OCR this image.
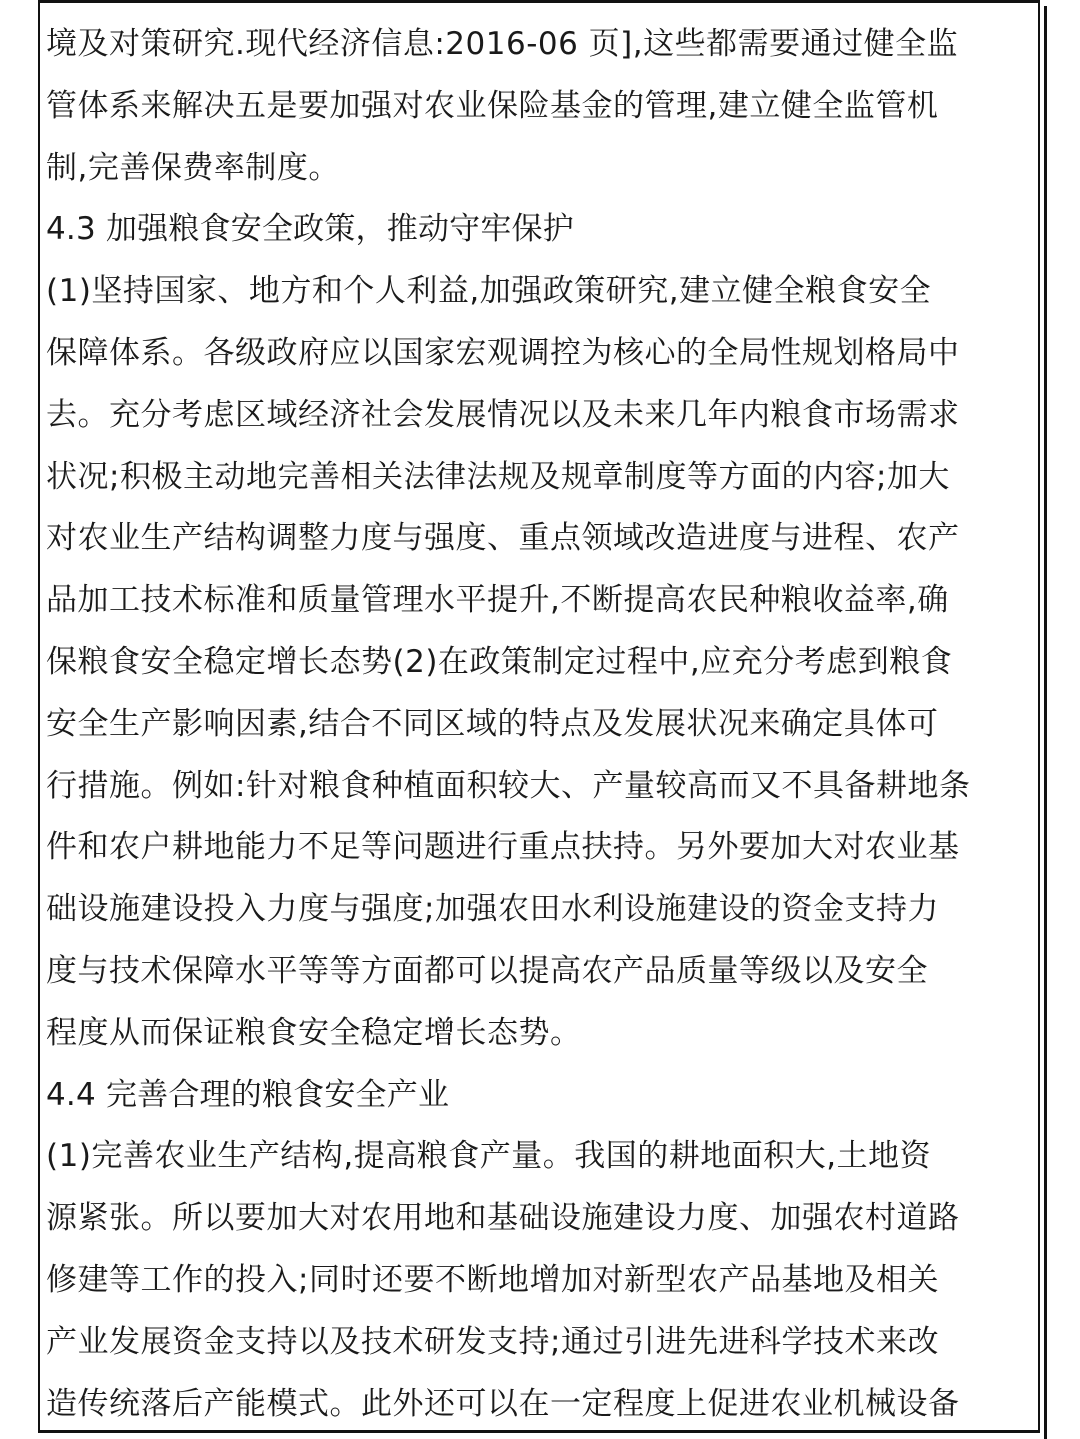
境及对策研究.现代经济信息:2016-06 页],这些都需要通过健全监
管体系来解决五是要加强对农业保险基金的管理,建立健全监管机
制,完善保费率制度。
4.3 加强粮食安全政策，推动守牢保护
(1)坚持国家、地方和个人利益,加强政策研究,建立健全粮食安全
保障体系。各级政府应以国家宏观调控为核心的全局性规划格局中
去。充分考虑区域经济社会发展情况以及未来几年内粮食市场需求
状况;积极主动地完善相关法律法规及规章制度等方面的内容;加大
对农业生产结构调整力度与强度、重点领域改造进度与进程、农产
品加工技术标准和质量管理水平提升,不断提高农民种粮收益率,确
保粮食安全稳定增长态势(2)在政策制定过程中,应充分考虑到粮食
安全生产影响因素,结合不同区域的特点及发展状况来确定具体可
行措施。例如:针对粮食种植面积较大、产量较高而又不具备耕地条
件和农户耕地能力不足等问题进行重点扶持。另外要加大对农业基
础设施建设投入力度与强度;加强农田水利设施建设的资金支持力
度与技术保障水平等等方面都可以提高农产品质量等级以及安全
程度从而保证粮食安全稳定增长态势。
4.4 完善合理的粮食安全产业
(1)完善农业生产结构,提高粮食产量。我国的耕地面积大,土地资
源紧张。所以要加大对农用地和基础设施建设力度、加强农村道路
修建等工作的投入;同时还要不断地增加对新型农产品基地及相关
产业发展资金支持以及技术研发支持;通过引进先进科学技术来改
造传统落后产能模式。此外还可以在一定程度上促进农业机械设备
